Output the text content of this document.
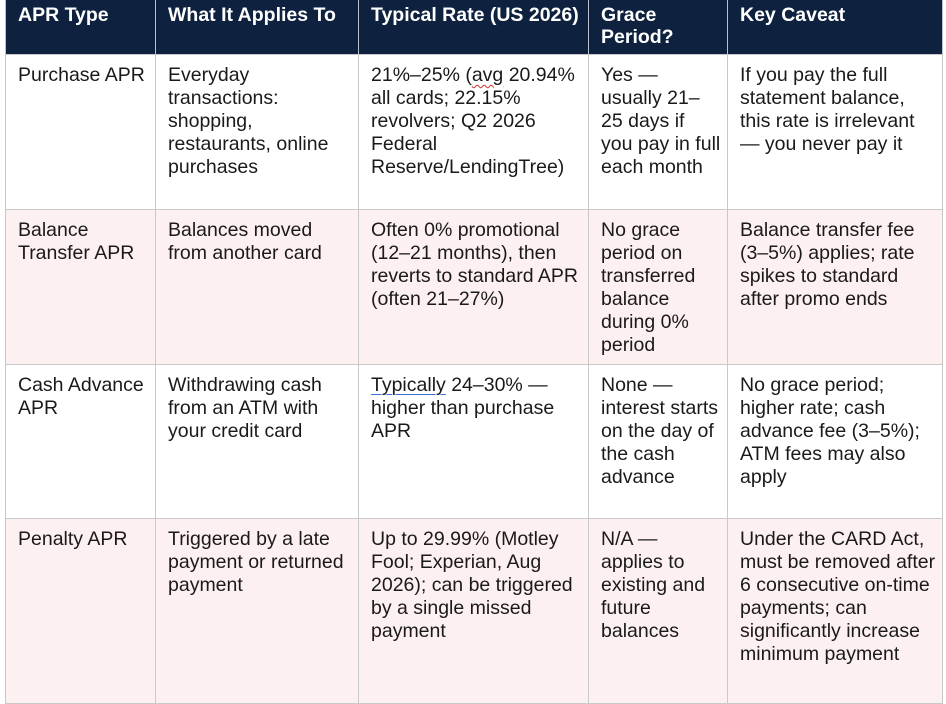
APR Type	What It Applies To	Typical Rate (US 2026)	Grace Period?	Key Caveat
Purchase APR	Everyday transactions: shopping, restaurants, online purchases	21%–25% (avg 20.94% all cards; 22.15% revolvers; Q2 2026 Federal Reserve/LendingTree)	Yes — usually 21–25 days if you pay in full each month	If you pay the full statement balance, this rate is irrelevant — you never pay it
Balance Transfer APR	Balances moved from another card	Often 0% promotional (12–21 months), then reverts to standard APR (often 21–27%)	No grace period on transferred balance during 0% period	Balance transfer fee (3–5%) applies; rate spikes to standard after promo ends
Cash Advance APR	Withdrawing cash from an ATM with your credit card	Typically 24–30% — higher than purchase APR	None — interest starts on the day of the cash advance	No grace period; higher rate; cash advance fee (3–5%); ATM fees may also apply
Penalty APR	Triggered by a late payment or returned payment	Up to 29.99% (Motley Fool; Experian, Aug 2026); can be triggered by a single missed payment	N/A — applies to existing and future balances	Under the CARD Act, must be removed after 6 consecutive on-time payments; can significantly increase minimum payment
